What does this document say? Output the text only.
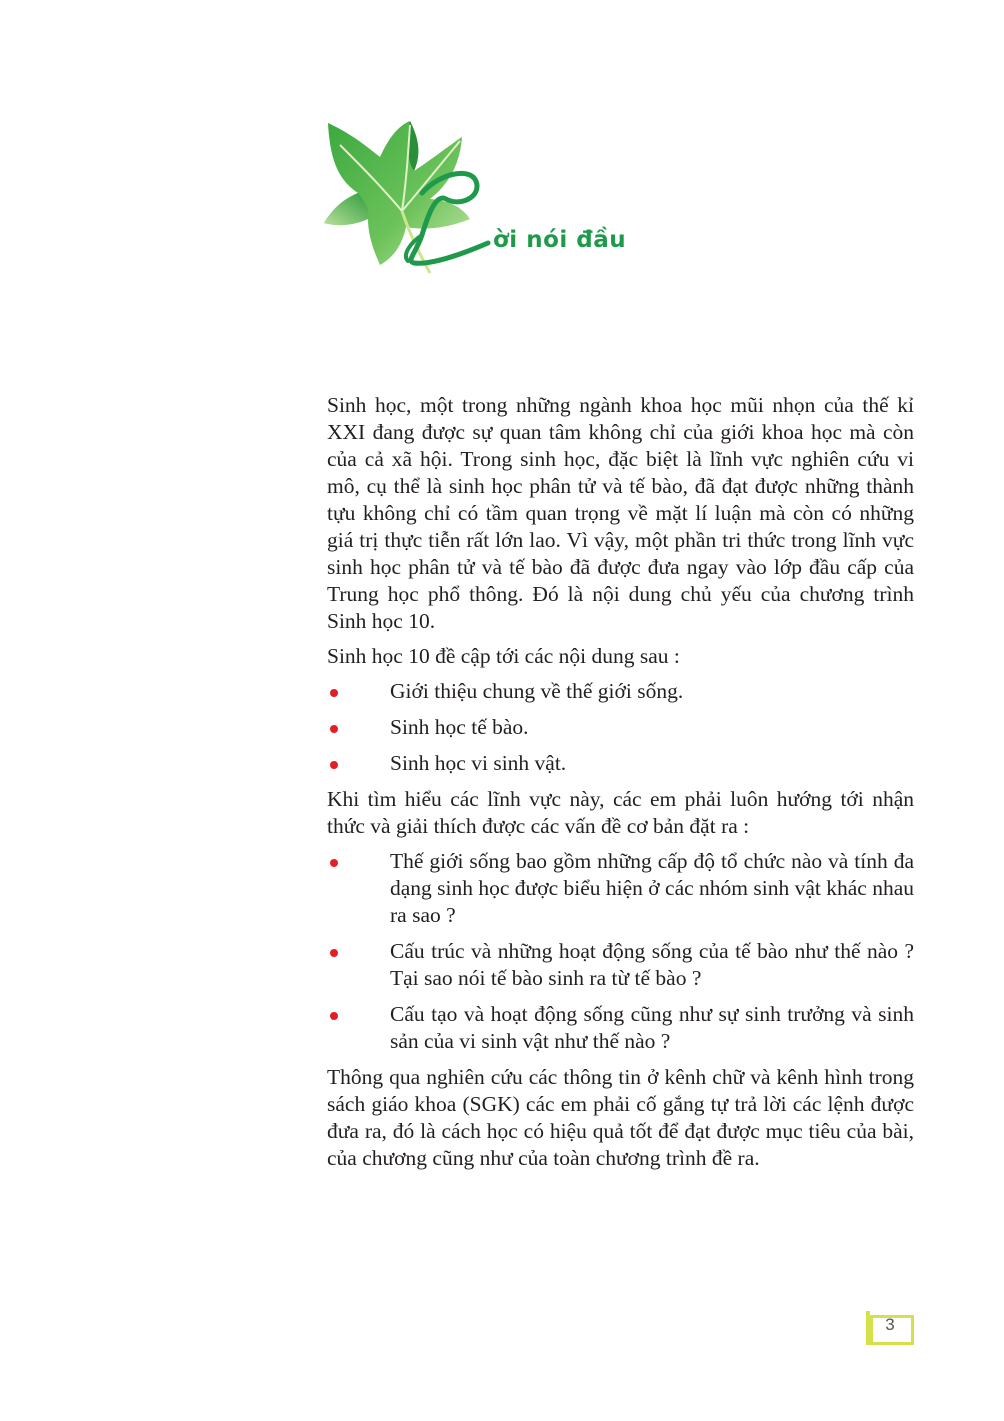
L
ời nói đầu

Sinh học, một trong những ngành khoa học mũi nhọn của thế kỉ XXI đang được sự quan tâm không chỉ của giới khoa học mà còn của cả xã hội. Trong sinh học, đặc biệt là lĩnh vực nghiên cứu vi mô, cụ thể là sinh học phân tử và tế bào, đã đạt được những thành tựu không chỉ có tầm quan trọng về mặt lí luận mà còn có những giá trị thực tiễn rất lớn lao. Vì vậy, một phần tri thức trong lĩnh vực sinh học phân tử và tế bào đã được đưa ngay vào lớp đầu cấp của Trung học phổ thông. Đó là nội dung chủ yếu của chương trình Sinh học 10.

Sinh học 10 đề cập tới các nội dung sau :

Giới thiệu chung về thế giới sống.
Sinh học tế bào.
Sinh học vi sinh vật.

Khi tìm hiểu các lĩnh vực này, các em phải luôn hướng tới nhận thức và giải thích được các vấn đề cơ bản đặt ra :

Thế giới sống bao gồm những cấp độ tổ chức nào và tính đa dạng sinh học được biểu hiện ở các nhóm sinh vật khác nhau ra sao ?
Cấu trúc và những hoạt động sống của tế bào như thế nào ? Tại sao nói tế bào sinh ra từ tế bào ?
Cấu tạo và hoạt động sống cũng như sự sinh trưởng và sinh sản của vi sinh vật như thế nào ?

Thông qua nghiên cứu các thông tin ở kênh chữ và kênh hình trong sách giáo khoa (SGK) các em phải cố gắng tự trả lời các lệnh được đưa ra, đó là cách học có hiệu quả tốt để đạt được mục tiêu của bài, của chương cũng như của toàn chương trình đề ra.

3
